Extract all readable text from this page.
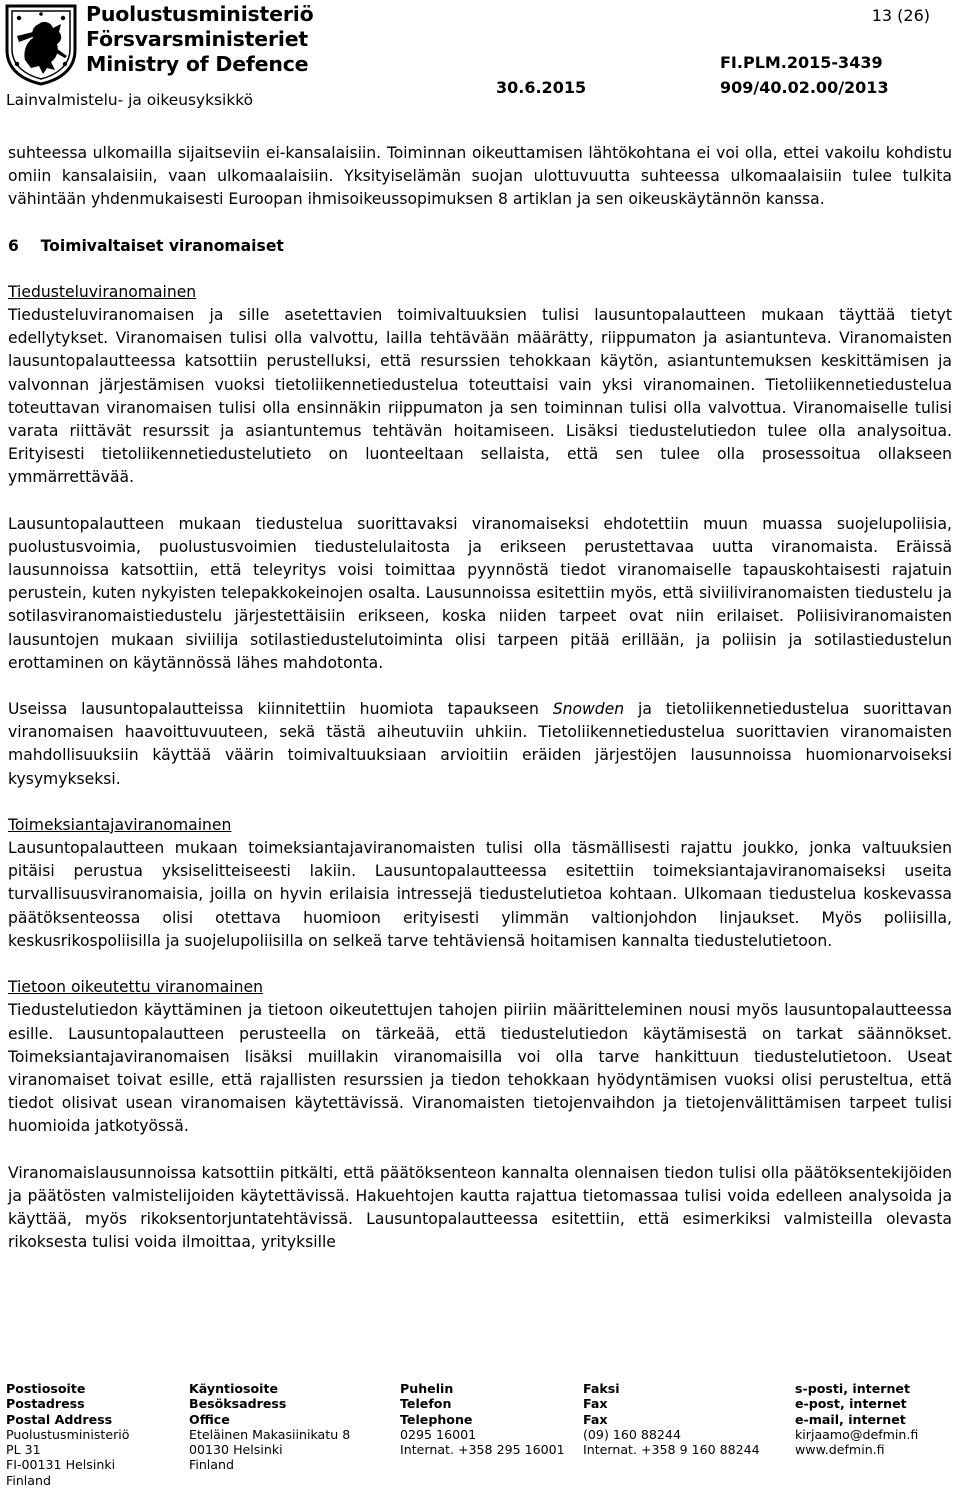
Puolustusministeriö
Försvarsministeriet
Ministry of Defence
Lainvalmistelu- ja oikeusyksikkö
13 (26)
FI.PLM.2015-3439
30.6.2015	909/40.02.00/2013

suhteessa ulkomailla sijaitseviin ei-kansalaisiin. Toiminnan oikeuttamisen lähtökohtana ei voi olla, ettei vakoilu kohdistu omiin kansalaisiin, vaan ulkomaalaisiin. Yksityiselämän suojan ulottuvuutta suhteessa ulkomaalaisiin tulee tulkita vähintään yhdenmukaisesti Euroopan ihmisoikeussopimuksen 8 artiklan ja sen oikeuskäytännön kanssa.

6    Toimivaltaiset viranomaiset

Tiedusteluviranomainen

Tiedusteluviranomaisen ja sille asetettavien toimivaltuuksien tulisi lausuntopalautteen mukaan täyttää tietyt edellytykset. Viranomaisen tulisi olla valvottu, lailla tehtävään määrätty, riippumaton ja asiantunteva. Viranomaisten lausuntopalautteessa katsottiin perustelluksi, että resurssien tehokkaan käytön, asiantuntemuksen keskittämisen ja valvonnan järjestämisen vuoksi tietoliikennetiedustelua toteuttaisi vain yksi viranomainen. Tietoliikennetiedustelua toteuttavan viranomaisen tulisi olla ensinnäkin riippumaton ja sen toiminnan tulisi olla valvottua. Viranomaiselle tulisi varata riittävät resurssit ja asiantuntemus tehtävän hoitamiseen. Lisäksi tiedustelutiedon tulee olla analysoitua. Erityisesti tietoliikennetiedustelutieto on luonteeltaan sellaista, että sen tulee olla prosessoitua ollakseen ymmärrettävää.

Lausuntopalautteen mukaan tiedustelua suorittavaksi viranomaiseksi ehdotettiin muun muassa suojelupoliisia, puolustusvoimia, puolustusvoimien tiedustelulaitosta ja erikseen perustettavaa uutta viranomaista. Eräissä lausunnoissa katsottiin, että teleyritys voisi toimittaa pyynnöstä tiedot viranomaiselle tapauskohtaisesti rajatuin perustein, kuten nykyisten telepakkokeinojen osalta. Lausunnoissa esitettiin myös, että siviiliviranomaisten tiedustelu ja sotilasviranomaistiedustelu järjestettäisiin erikseen, koska niiden tarpeet ovat niin erilaiset. Poliisiviranomaisten lausuntojen mukaan siviilija sotilastiedustelutoiminta olisi tarpeen pitää erillään, ja poliisin ja sotilastiedustelun erottaminen on käytännössä lähes mahdotonta.

Useissa lausuntopalautteissa kiinnitettiin huomiota tapaukseen Snowden ja tietoliikennetiedustelua suorittavan viranomaisen haavoittuvuuteen, sekä tästä aiheutuviin uhkiin. Tietoliikennetiedustelua suorittavien viranomaisten mahdollisuuksiin käyttää väärin toimivaltuuksiaan arvioitiin eräiden järjestöjen lausunnoissa huomionarvoiseksi kysymykseksi.

Toimeksiantajaviranomainen

Lausuntopalautteen mukaan toimeksiantajaviranomaisten tulisi olla täsmällisesti rajattu joukko, jonka valtuuksien pitäisi perustua yksiselitteiseesti lakiin. Lausuntopalautteessa esitettiin toimeksiantajaviranomaiseksi useita turvallisuusviranomaisia, joilla on hyvin erilaisia intressejä tiedustelutietoa kohtaan. Ulkomaan tiedustelua koskevassa päätöksenteossa olisi otettava huomioon erityisesti ylimmän valtionjohdon linjaukset. Myös poliisilla, keskusrikospoliisilla ja suojelupoliisilla on selkeä tarve tehtäviensä hoitamisen kannalta tiedustelutietoon.

Tietoon oikeutettu viranomainen

Tiedustelutiedon käyttäminen ja tietoon oikeutettujen tahojen piiriin määritteleminen nousi myös lausuntopalautteessa esille. Lausuntopalautteen perusteella on tärkeää, että tiedustelutiedon käytämisestä on tarkat säännökset. Toimeksiantajaviranomaisen lisäksi muillakin viranomaisilla voi olla tarve hankittuun tiedustelutietoon. Useat viranomaiset toivat esille, että rajallisten resurssien ja tiedon tehokkaan hyödyntämisen vuoksi olisi perusteltua, että tiedot olisivat usean viranomaisen käytettävissä. Viranomaisten tietojenvaihdon ja tietojenvälittämisen tarpeet tulisi huomioida jatkotyössä.

Viranomaislausunnoissa katsottiin pitkälti, että päätöksenteon kannalta olennaisen tiedon tulisi olla päätöksentekijöiden ja päätösten valmistelijoiden käytettävissä. Hakuehtojen kautta rajattua tietomassaa tulisi voida edelleen analysoida ja käyttää, myös rikoksentorjuntatehtävissä. Lausuntopalautteessa esitettiin, että esimerkiksi valmisteilla olevasta rikoksesta tulisi voida ilmoittaa, yrityksille

Postiosoite
Postadress
Postal Address
Puolustusministeriö
PL 31
FI-00131 Helsinki
Finland
Käyntiosoite
Besöksadress
Office
Eteläinen Makasiinikatu 8
00130 Helsinki
Finland
Puhelin
Telefon
Telephone
0295 16001
Internat. +358 295 16001
Faksi
Fax
Fax
(09) 160 88244
Internat. +358 9 160 88244
s-posti, internet
e-post, internet
e-mail, internet
kirjaamo@defmin.fi
www.defmin.fi
